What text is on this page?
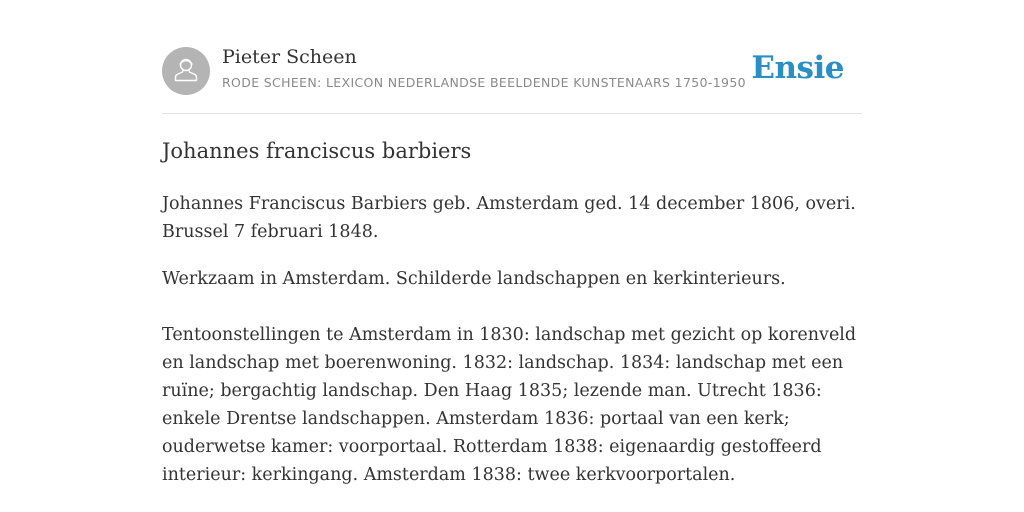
Pieter Scheen
RODE SCHEEN: LEXICON NEDERLANDSE BEELDENDE KUNSTENAARS 1750-1950 Ensie
Johannes franciscus barbiers

Johannes Franciscus Barbiers geb. Amsterdam ged. 14 december 1806, overi. Brussel 7 februari 1848.

Werkzaam in Amsterdam. Schilderde landschappen en kerkinterieurs.

Tentoonstellingen te Amsterdam in 1830: landschap met gezicht op korenveld en landschap met boerenwoning. 1832: landschap. 1834: landschap met een ruïne; bergachtig landschap. Den Haag 1835; lezende man. Utrecht 1836: enkele Drentse landschappen. Amsterdam 1836: portaal van een kerk; ouderwetse kamer: voorportaal. Rotterdam 1838: eigenaardig gestoffeerd interieur: kerkingang. Amsterdam 1838: twee kerkvoorportalen.
